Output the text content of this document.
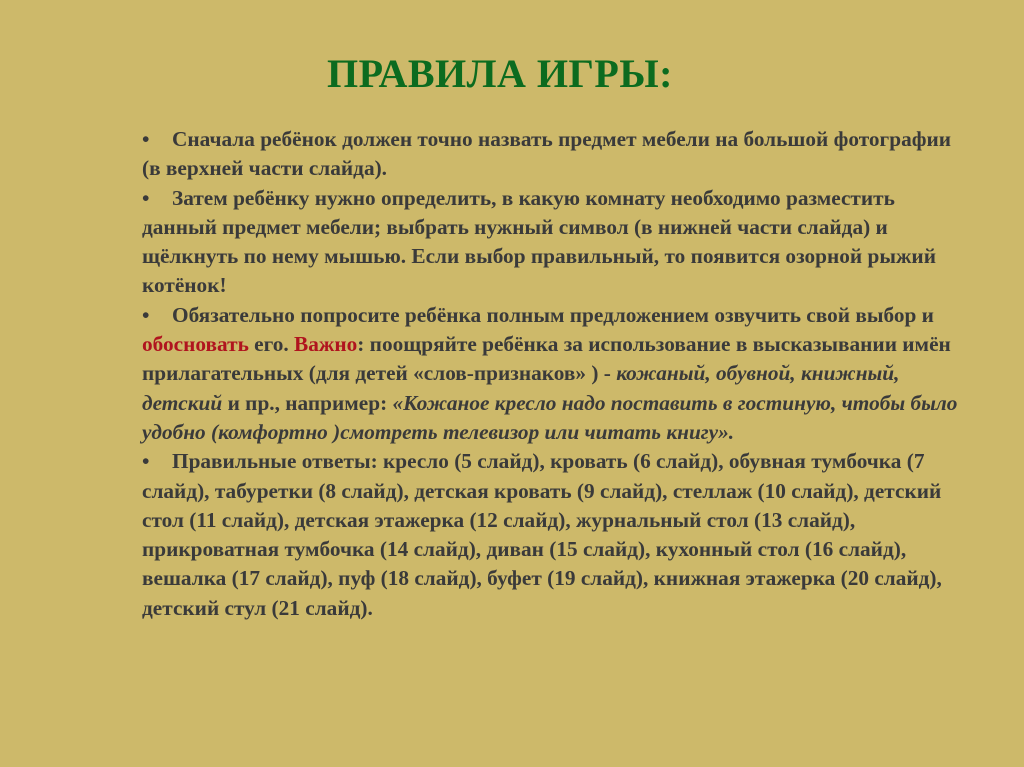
ПРАВИЛА ИГРЫ:

• Сначала ребёнок должен точно назвать предмет мебели на большой фотографии (в верхней части слайда).

• Затем ребёнку нужно определить, в какую комнату необходимо разместить данный предмет мебели; выбрать нужный символ (в нижней части слайда) и щёлкнуть по нему мышью. Если выбор правильный, то появится озорной рыжий котёнок!

• Обязательно попросите ребёнка полным предложением озвучить свой выбор и обосновать его. Важно: поощряйте ребёнка за использование в высказывании имён прилагательных (для детей «слов-признаков» ) - кожаный, обувной, книжный, детский и пр., например: «Кожаное кресло надо поставить в гостиную, чтобы было удобно (комфортно )смотреть телевизор или читать книгу».

• Правильные ответы: кресло (5 слайд), кровать (6 слайд), обувная тумбочка (7 слайд), табуретки (8 слайд), детская кровать (9 слайд), стеллаж (10 слайд), детский стол (11 слайд), детская этажерка (12 слайд), журнальный стол (13 слайд), прикроватная тумбочка (14 слайд), диван (15 слайд), кухонный стол (16 слайд), вешалка (17 слайд), пуф (18 слайд), буфет (19 слайд), книжная этажерка (20 слайд), детский стул (21 слайд).
